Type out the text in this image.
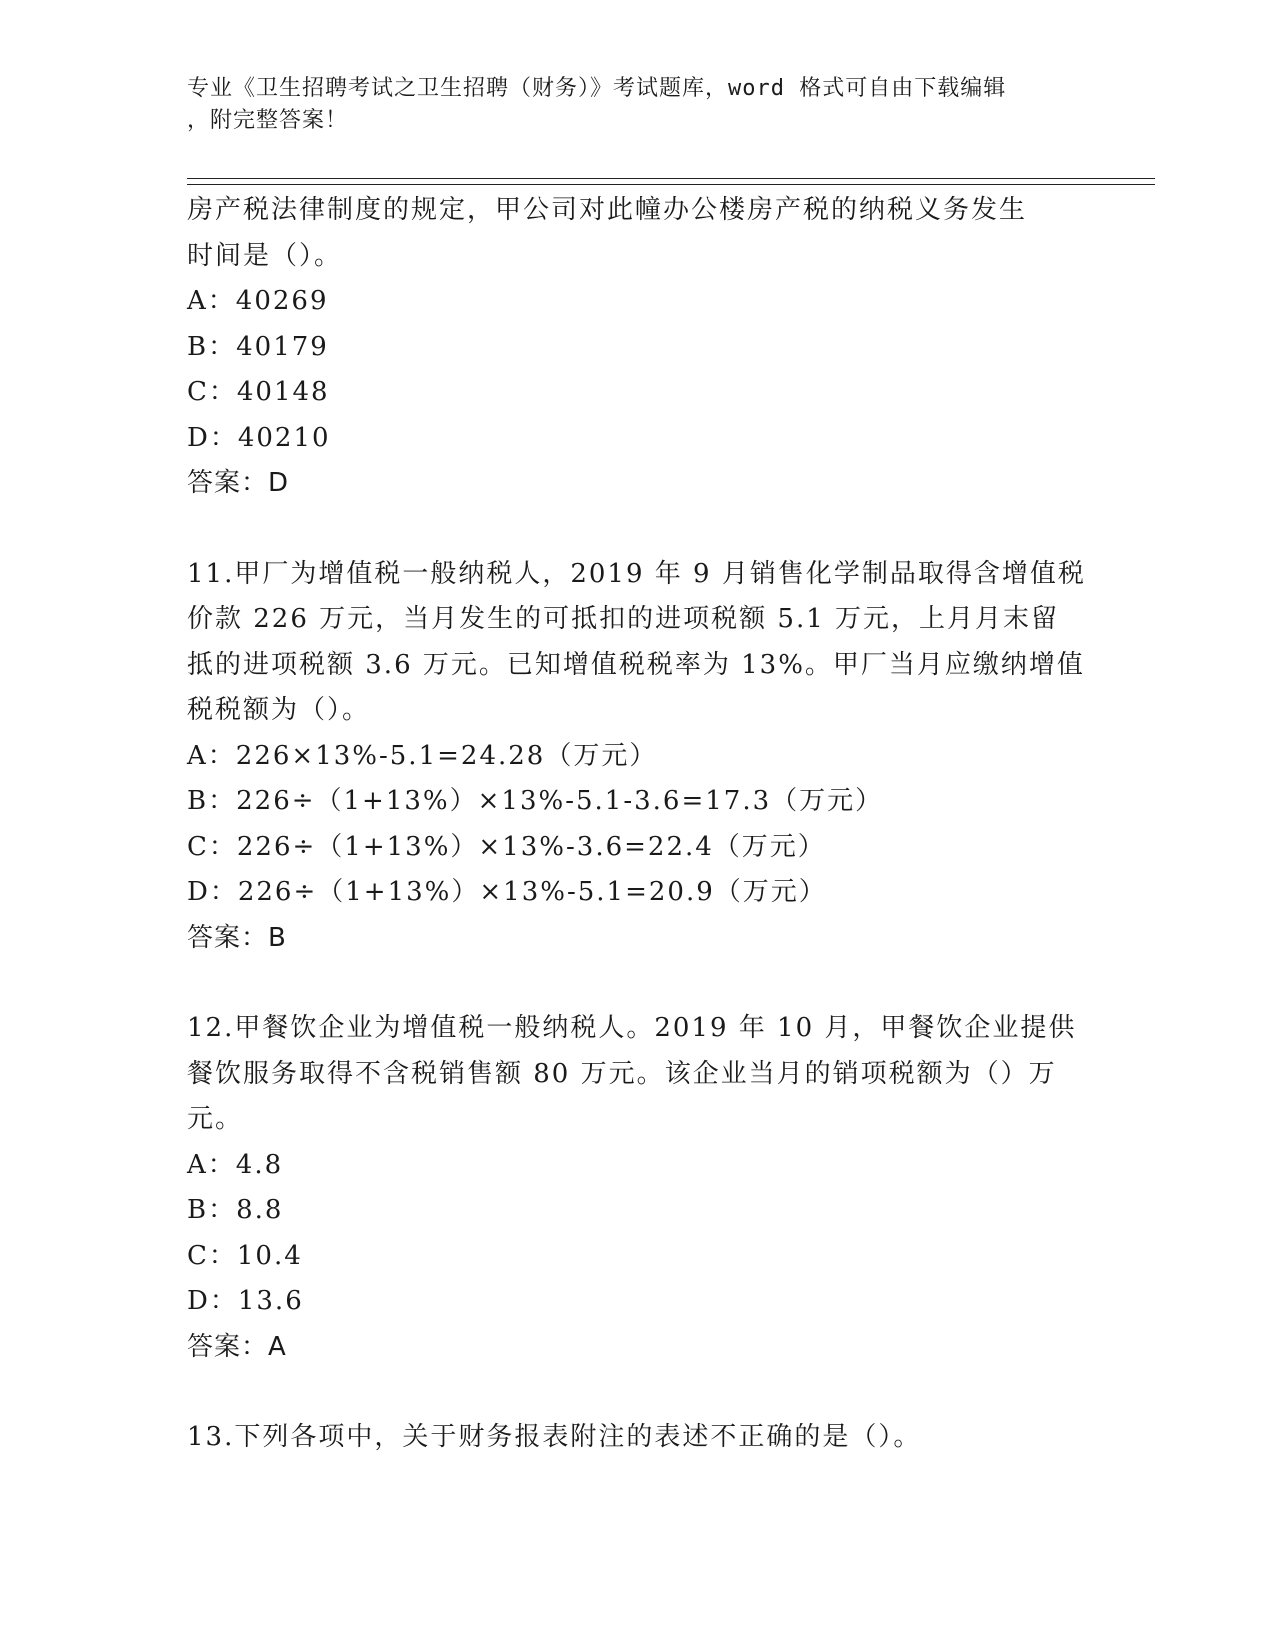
专业《卫生招聘考试之卫生招聘（财务）》考试题库，word 格式可自由下载编辑
，附完整答案！

房产税法律制度的规定，甲公司对此幢办公楼房产税的纳税义务发生

时间是（）。

A：40269

B：40179

C：40148

D：40210

答案：D

11.甲厂为增值税一般纳税人，2019 年 9 月销售化学制品取得含增值税

价款 226 万元，当月发生的可抵扣的进项税额 5.1 万元，上月月末留

抵的进项税额 3.6 万元。已知增值税税率为 13%。甲厂当月应缴纳增值

税税额为（）。

A：226×13%-5.1=24.28（万元）

B：226÷（1+13%）×13%-5.1-3.6=17.3（万元）

C：226÷（1+13%）×13%-3.6=22.4（万元）

D：226÷（1+13%）×13%-5.1=20.9（万元）

答案：B

12.甲餐饮企业为增值税一般纳税人。2019 年 10 月，甲餐饮企业提供

餐饮服务取得不含税销售额 80 万元。该企业当月的销项税额为（）万

元。

A：4.8

B：8.8

C：10.4

D：13.6

答案：A

13.下列各项中，关于财务报表附注的表述不正确的是（）。
